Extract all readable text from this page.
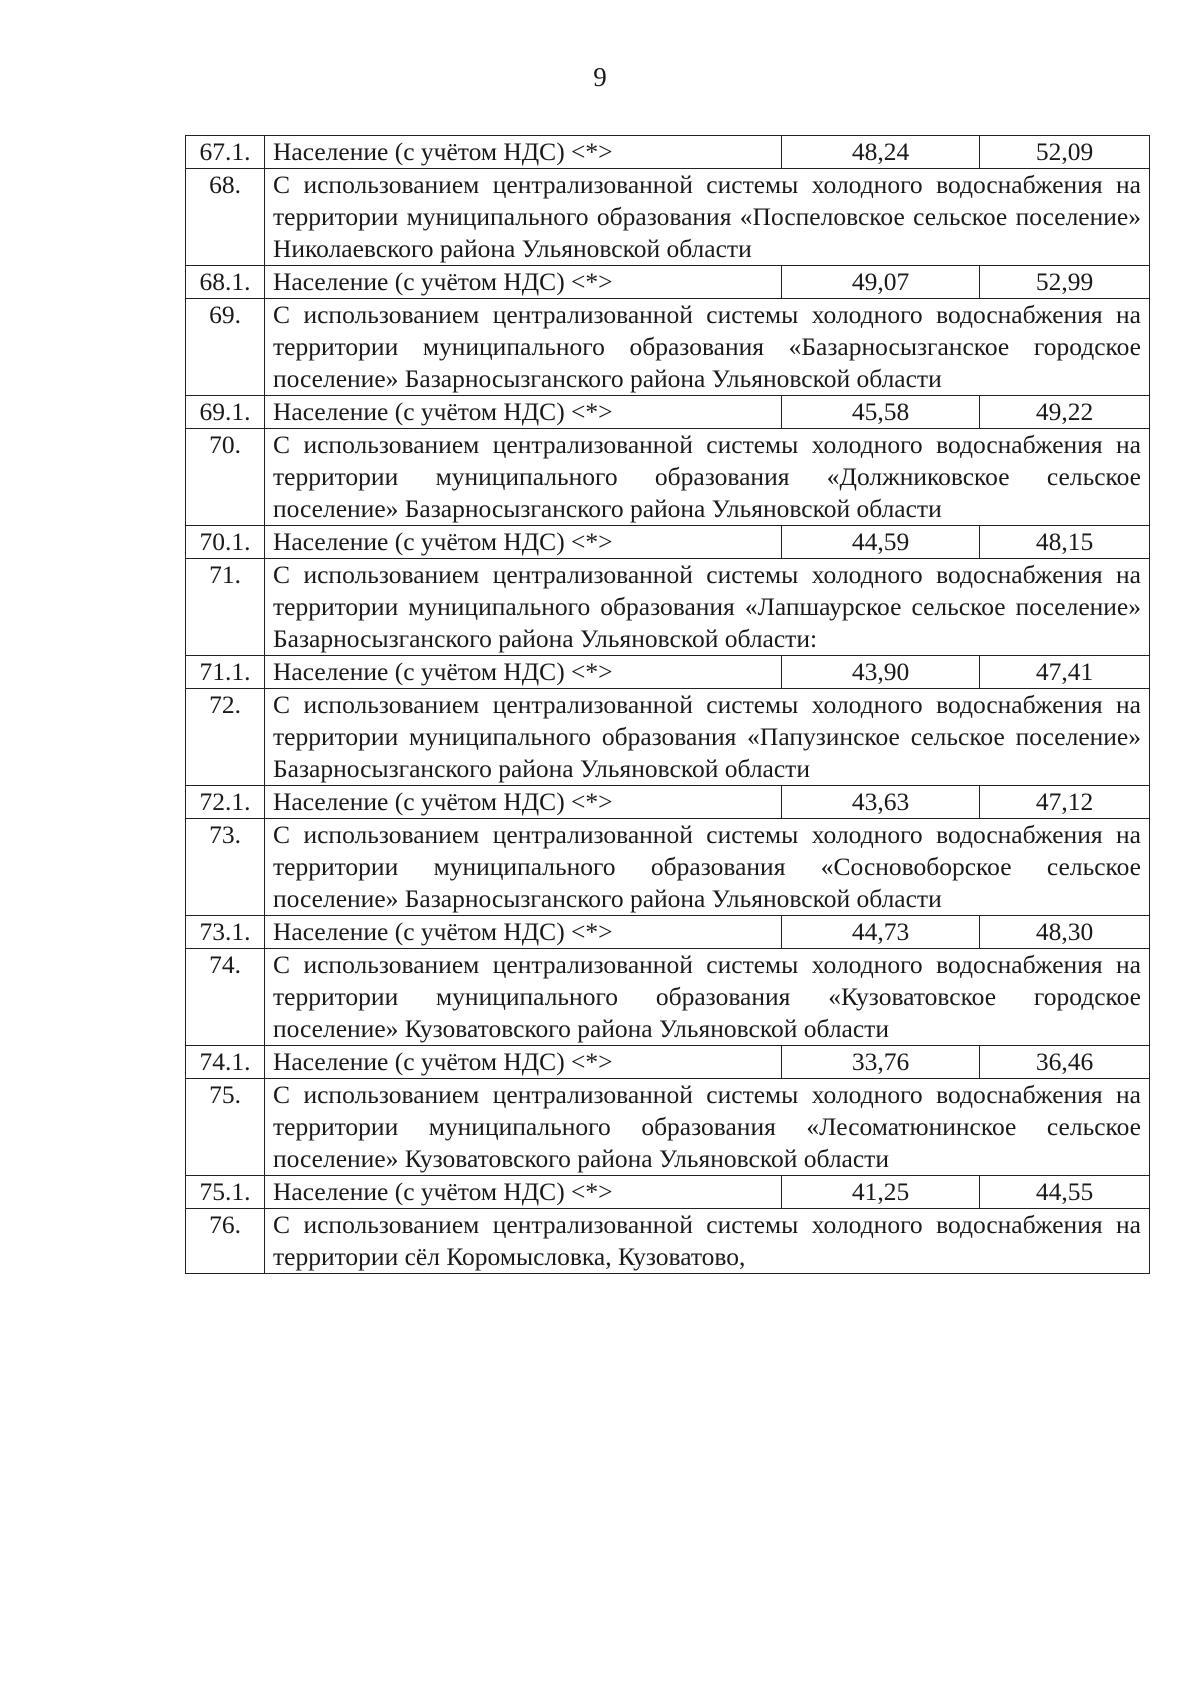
9
67.1.	Население (с учётом НДС) <*>	48,24	52,09
68.	С использованием централизованной системы холодного водоснабжения на территории муниципального образования «Поспеловское сельское поселение» Николаевского района Ульяновской области		
68.1.	Население (с учётом НДС) <*>	49,07	52,99
69.	С использованием централизованной системы холодного водоснабжения на территории муниципального образования «Базарносызганское городское поселение» Базарносызганского района Ульяновской области		
69.1.	Население (с учётом НДС) <*>	45,58	49,22
70.	С использованием централизованной системы холодного водоснабжения на территории муниципального образования «Должниковское сельское поселение» Базарносызганского района Ульяновской области		
70.1.	Население (с учётом НДС) <*>	44,59	48,15
71.	С использованием централизованной системы холодного водоснабжения на территории муниципального образования «Лапшаурское сельское поселение» Базарносызганского района Ульяновской области:		
71.1.	Население (с учётом НДС) <*>	43,90	47,41
72.	С использованием централизованной системы холодного водоснабжения на территории муниципального образования «Папузинское сельское поселение» Базарносызганского района Ульяновской области		
72.1.	Население (с учётом НДС) <*>	43,63	47,12
73.	С использованием централизованной системы холодного водоснабжения на территории муниципального образования «Сосновоборское сельское поселение» Базарносызганского района Ульяновской области		
73.1.	Население (с учётом НДС) <*>	44,73	48,30
74.	С использованием централизованной системы холодного водоснабжения на территории муниципального образования «Кузоватовское городское поселение» Кузоватовского района Ульяновской области		
74.1.	Население (с учётом НДС) <*>	33,76	36,46
75.	С использованием централизованной системы холодного водоснабжения на территории муниципального образования «Лесоматюнинское сельское поселение» Кузоватовского района Ульяновской области		
75.1.	Население (с учётом НДС) <*>	41,25	44,55
76.	С использованием централизованной системы холодного водоснабжения на территории сёл Коромысловка, Кузоватово,		
